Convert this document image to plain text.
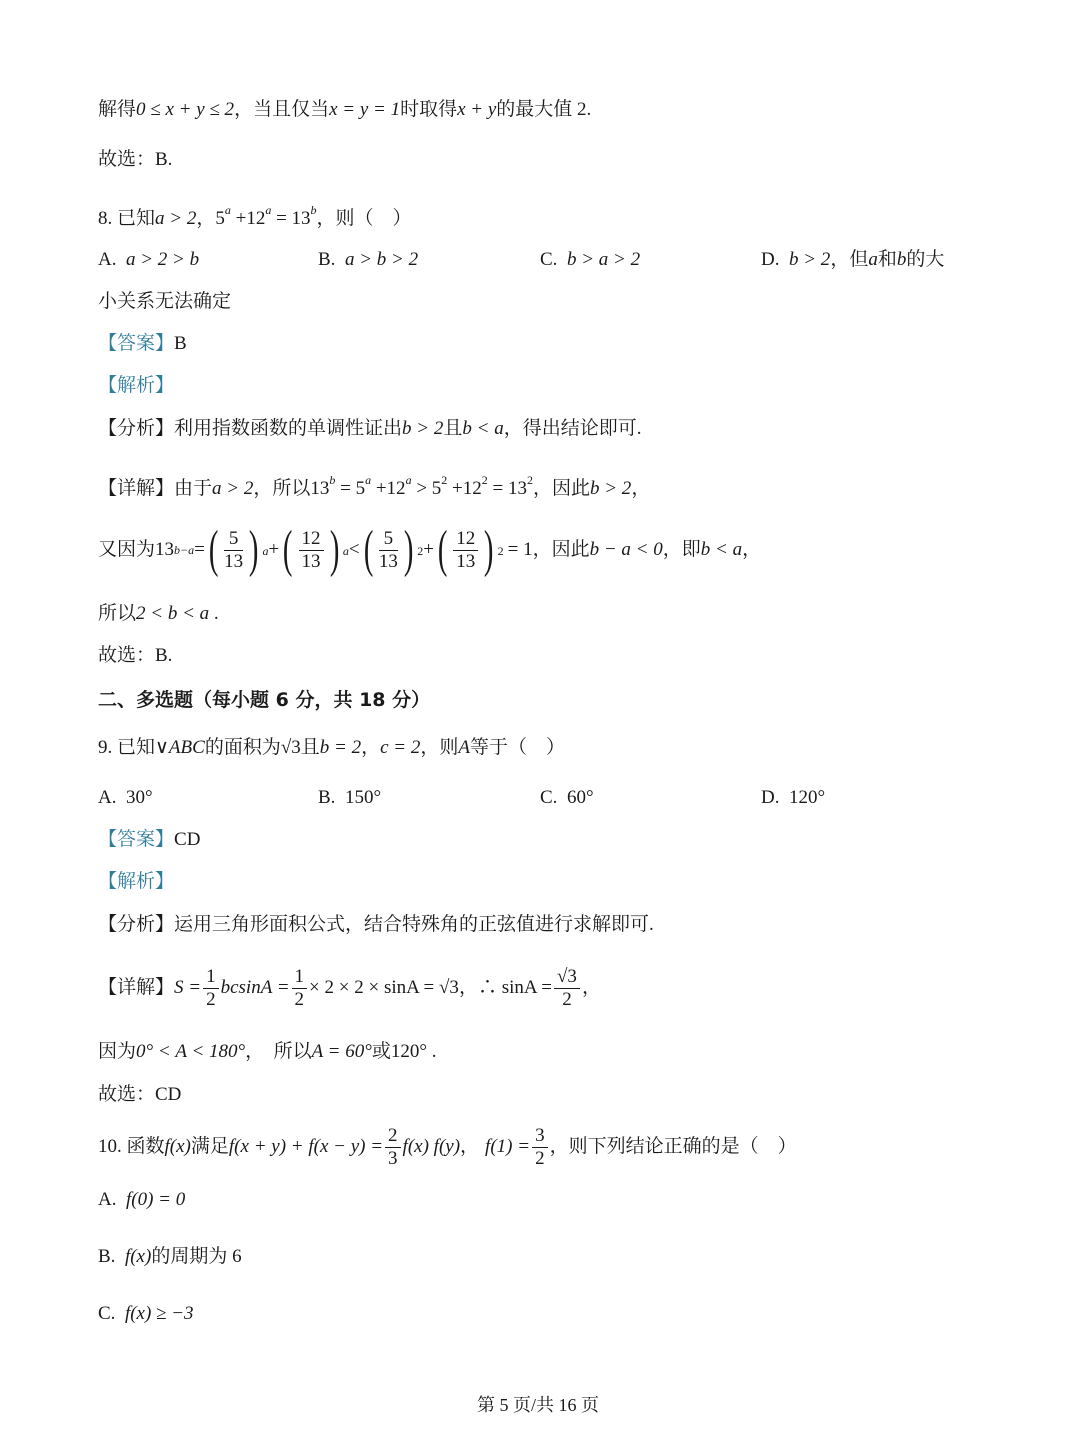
解得0 ≤ x + y ≤ 2，当且仅当x = y = 1时取得x + y的最大值 2.
故选：B.
8. 已知a > 2，$5^a +12^a = 13^b$，则（　）
A. a > 2 > b	B. a > b > 2	C. b > a > 2	D. b > 2，但a和b的大
小关系无法确定
【答案】B
【解析】
【分析】利用指数函数的单调性证出b > 2且b < a，得出结论即可.
【详解】由于a > 2，所以$13^b = 5^a +12^a > 5^2 +12^2 = 13^2$，因此b > 2，
又因为 13 b−a = ( $\frac{5}{13}$ ) a + ( $\frac{12}{13}$ ) a < ( $\frac{5}{13}$ ) 2 + ( $\frac{12}{13}$ ) 2 = 1 ，因此 b − a < 0 ，即 b < a ，
所以2 < b < a .
故选：B.
二、多选题（每小题 6 分，共 18 分）
9. 已知∨ABC的面积为√3且b = 2，c = 2，则A等于（　）
A. 30°	B. 150°	C. 60°	D. 120°
【答案】CD
【解析】
【分析】运用三角形面积公式，结合特殊角的正弦值进行求解即可.
【详解】 $S = \frac{1}{2}$ $bcsinA = \frac{1}{2} \times 2 \times 2 \times \sin A = √3$ ，∴ $\sin A = \frac{√3}{2}$ ，
因为0° < A < 180°，　所以A = 60°或120° .
故选：CD
10. 函数 f(x) 满足 $f(x + y) + f(x - y) = \frac{2}{3} f(x)$ f(y) ， $f(1) = \frac{3}{2}$ ，则下列结论正确的是（　）
A. f(0) = 0
B. f(x)的周期为 6
C. f(x) ≥ −3
第 5 页/共 16 页
